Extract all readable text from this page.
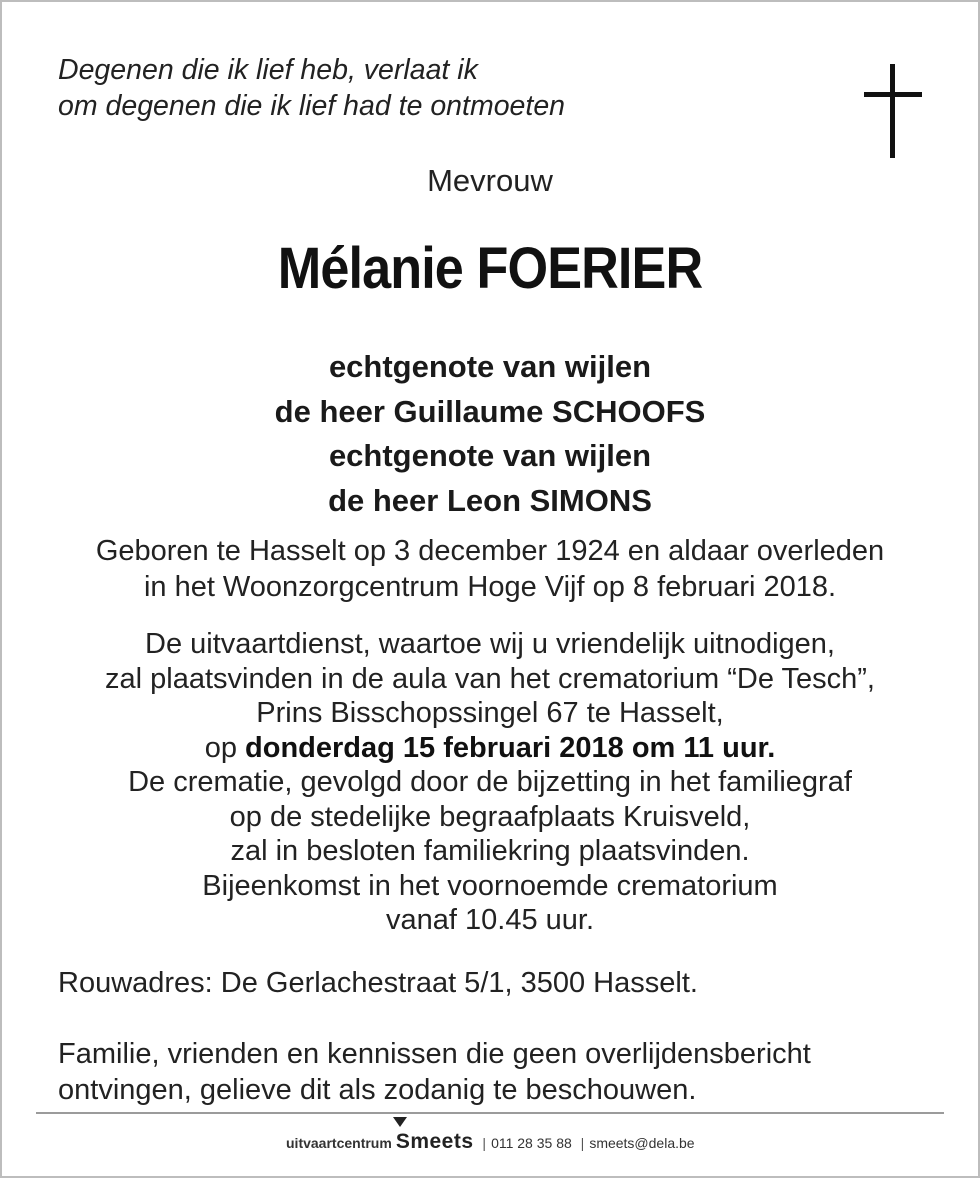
Degenen die ik lief heb, verlaat ik
om degenen die ik lief had te ontmoeten
Mevrouw
Mélanie FOERIER
echtgenote van wijlen
de heer Guillaume SCHOOFS
echtgenote van wijlen
de heer Leon SIMONS
Geboren te Hasselt op 3 december 1924 en aldaar overleden
in het Woonzorgcentrum Hoge Vijf op 8 februari 2018.
De uitvaartdienst, waartoe wij u vriendelijk uitnodigen,
zal plaatsvinden in de aula van het crematorium “De Tesch”,
Prins Bisschopssingel 67 te Hasselt,
op donderdag 15 februari 2018 om 11 uur.
De crematie, gevolgd door de bijzetting in het familiegraf
op de stedelijke begraafplaats Kruisveld,
zal in besloten familiekring plaatsvinden.
Bijeenkomst in het voornoemde crematorium
vanaf 10.45 uur.
Rouwadres: De Gerlachestraat 5/1, 3500 Hasselt.
Familie, vrienden en kennissen die geen overlijdensbericht
ontvingen, gelieve dit als zodanig te beschouwen.
uitvaartcentrum Smeets | 011 28 35 88 | smeets@dela.be
